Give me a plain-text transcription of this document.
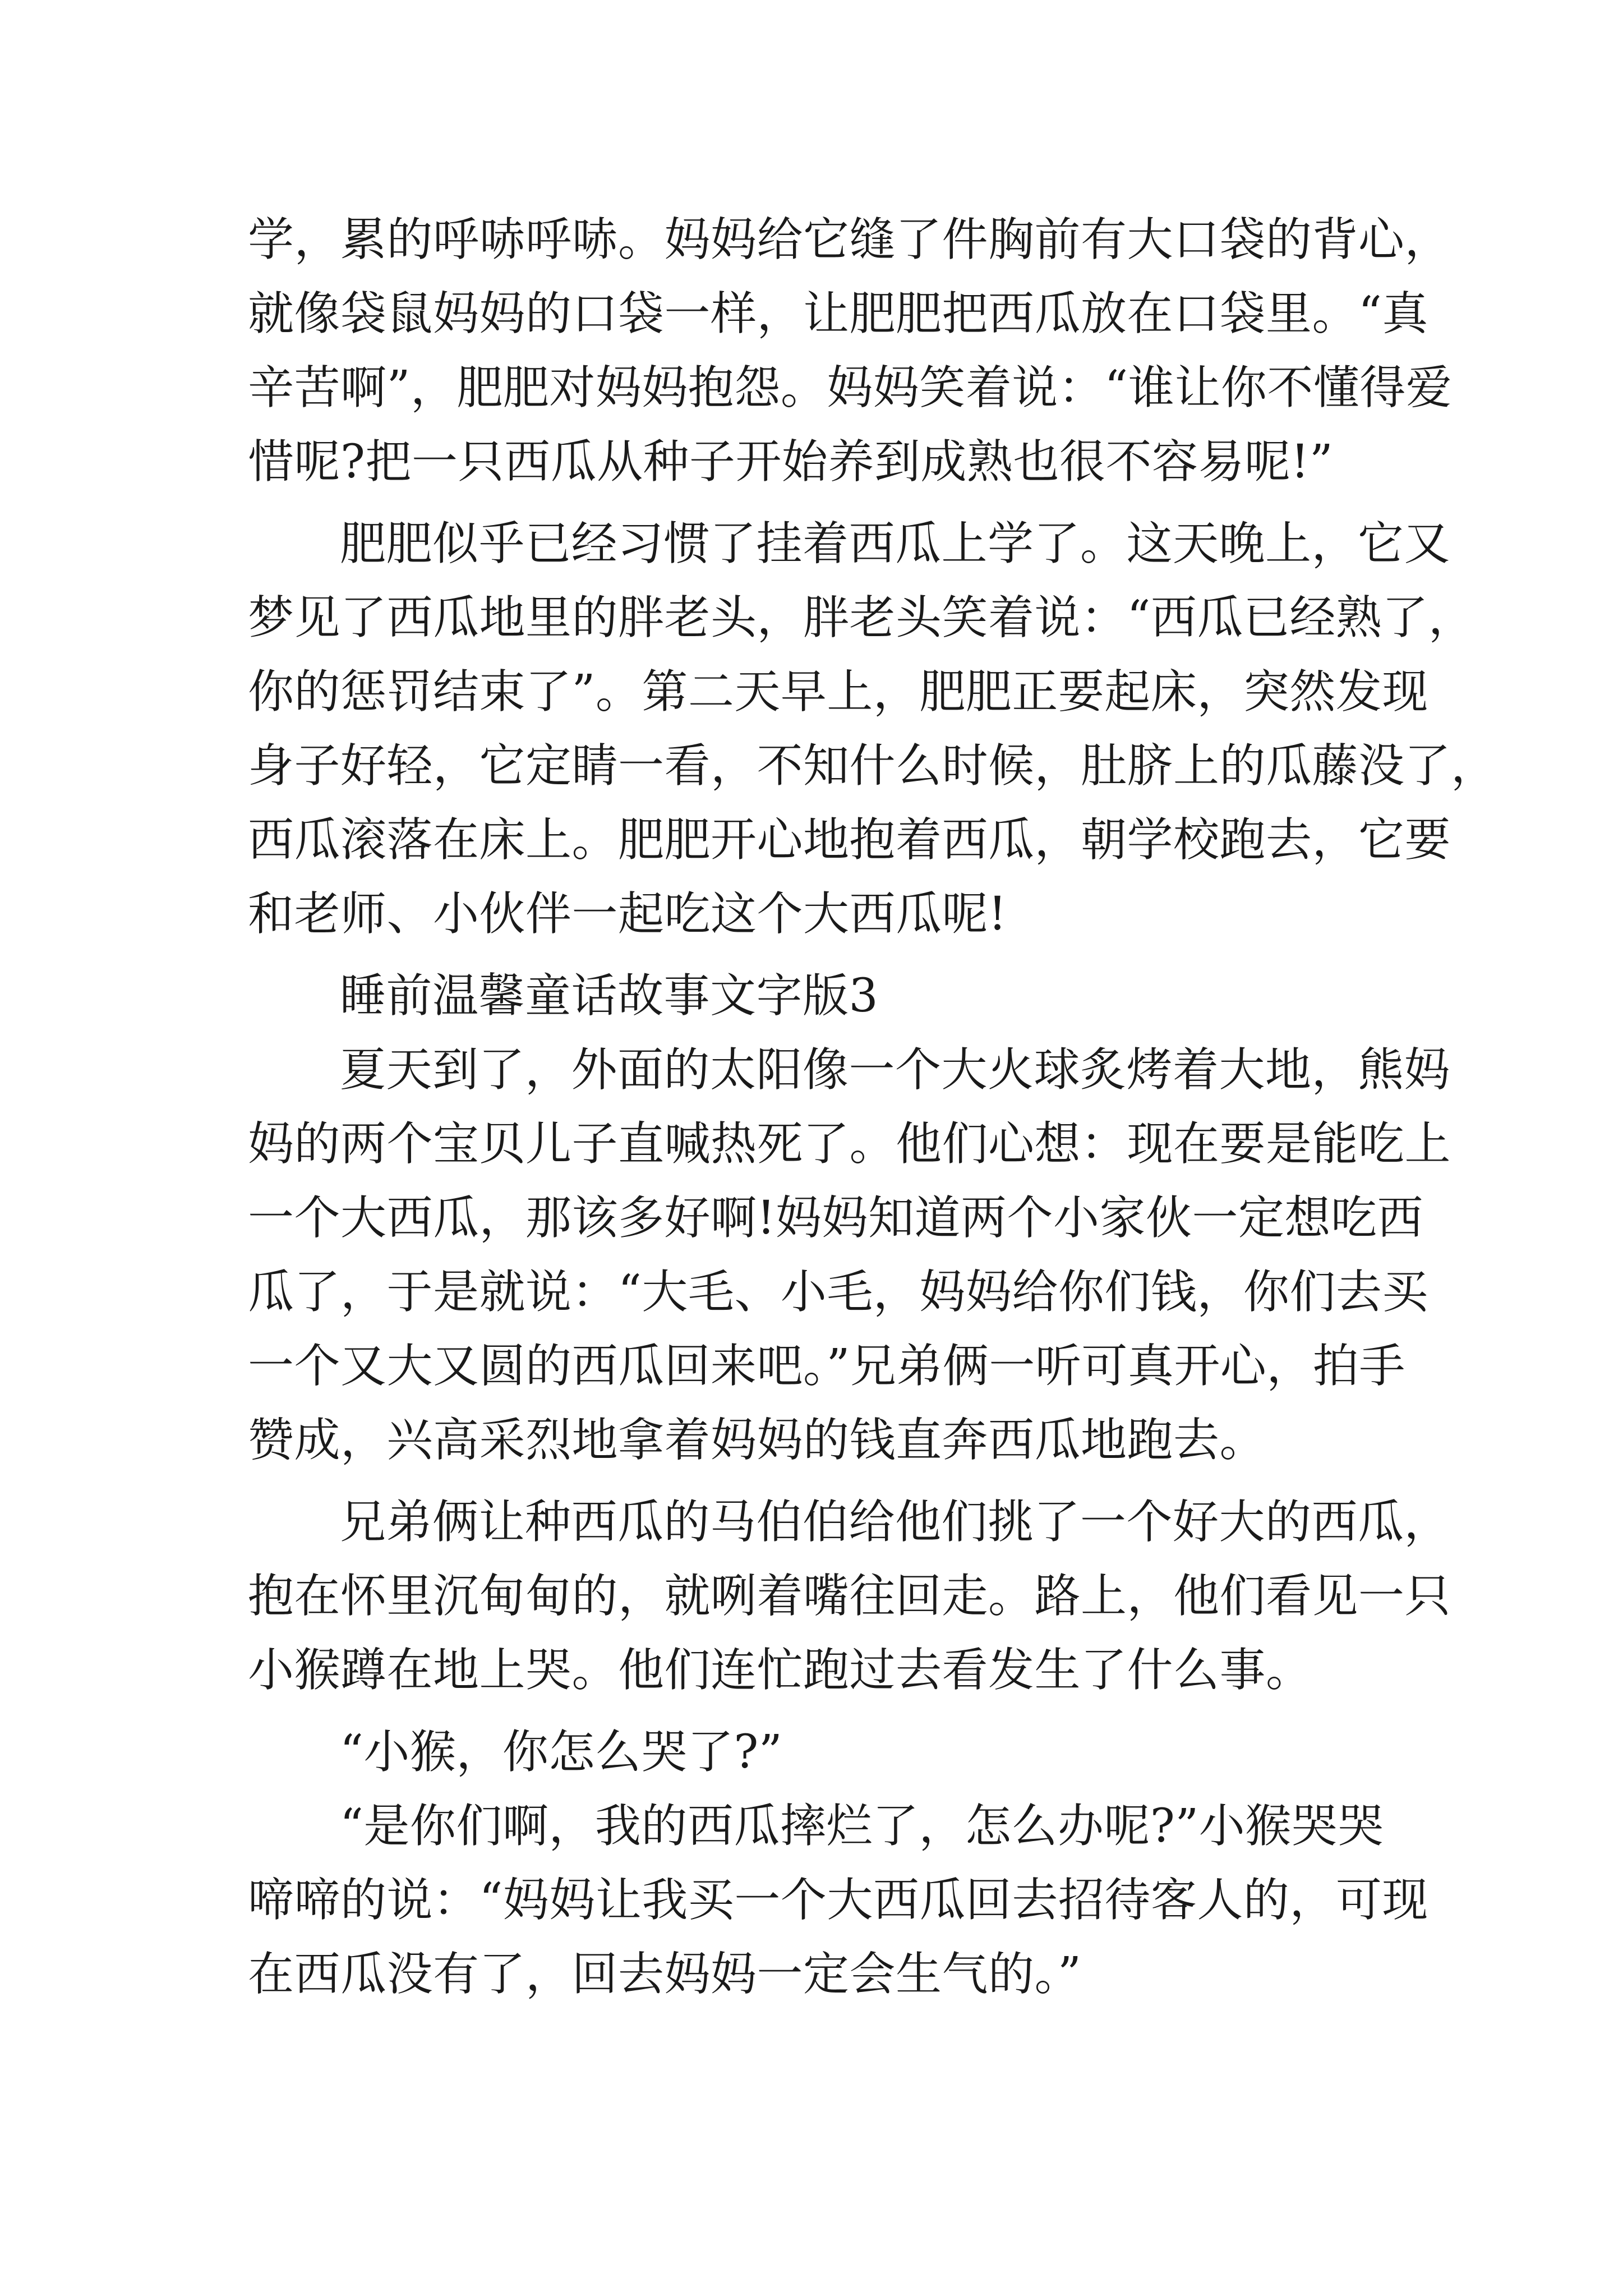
学，累的呼哧呼哧。妈妈给它缝了件胸前有大口袋的背心，
就像袋鼠妈妈的口袋一样，让肥肥把西瓜放在口袋里。“真
辛苦啊”，肥肥对妈妈抱怨。妈妈笑着说：“谁让你不懂得爱
惜呢?把一只西瓜从种子开始养到成熟也很不容易呢!”
肥肥似乎已经习惯了挂着西瓜上学了。这天晚上，它又
梦见了西瓜地里的胖老头，胖老头笑着说：“西瓜已经熟了，
你的惩罚结束了”。第二天早上，肥肥正要起床，突然发现
身子好轻，它定睛一看，不知什么时候，肚脐上的瓜藤没了，
西瓜滚落在床上。肥肥开心地抱着西瓜，朝学校跑去，它要
和老师、小伙伴一起吃这个大西瓜呢!
睡前温馨童话故事文字版3
夏天到了，外面的太阳像一个大火球炙烤着大地，熊妈
妈的两个宝贝儿子直喊热死了。他们心想：现在要是能吃上
一个大西瓜，那该多好啊!妈妈知道两个小家伙一定想吃西
瓜了，于是就说：“大毛、小毛，妈妈给你们钱，你们去买
一个又大又圆的西瓜回来吧。”兄弟俩一听可真开心，拍手
赞成，兴高采烈地拿着妈妈的钱直奔西瓜地跑去。
兄弟俩让种西瓜的马伯伯给他们挑了一个好大的西瓜，
抱在怀里沉甸甸的，就咧着嘴往回走。路上，他们看见一只
小猴蹲在地上哭。他们连忙跑过去看发生了什么事。
“小猴，你怎么哭了?”
“是你们啊，我的西瓜摔烂了，怎么办呢?”小猴哭哭
啼啼的说：“妈妈让我买一个大西瓜回去招待客人的，可现
在西瓜没有了，回去妈妈一定会生气的。”
